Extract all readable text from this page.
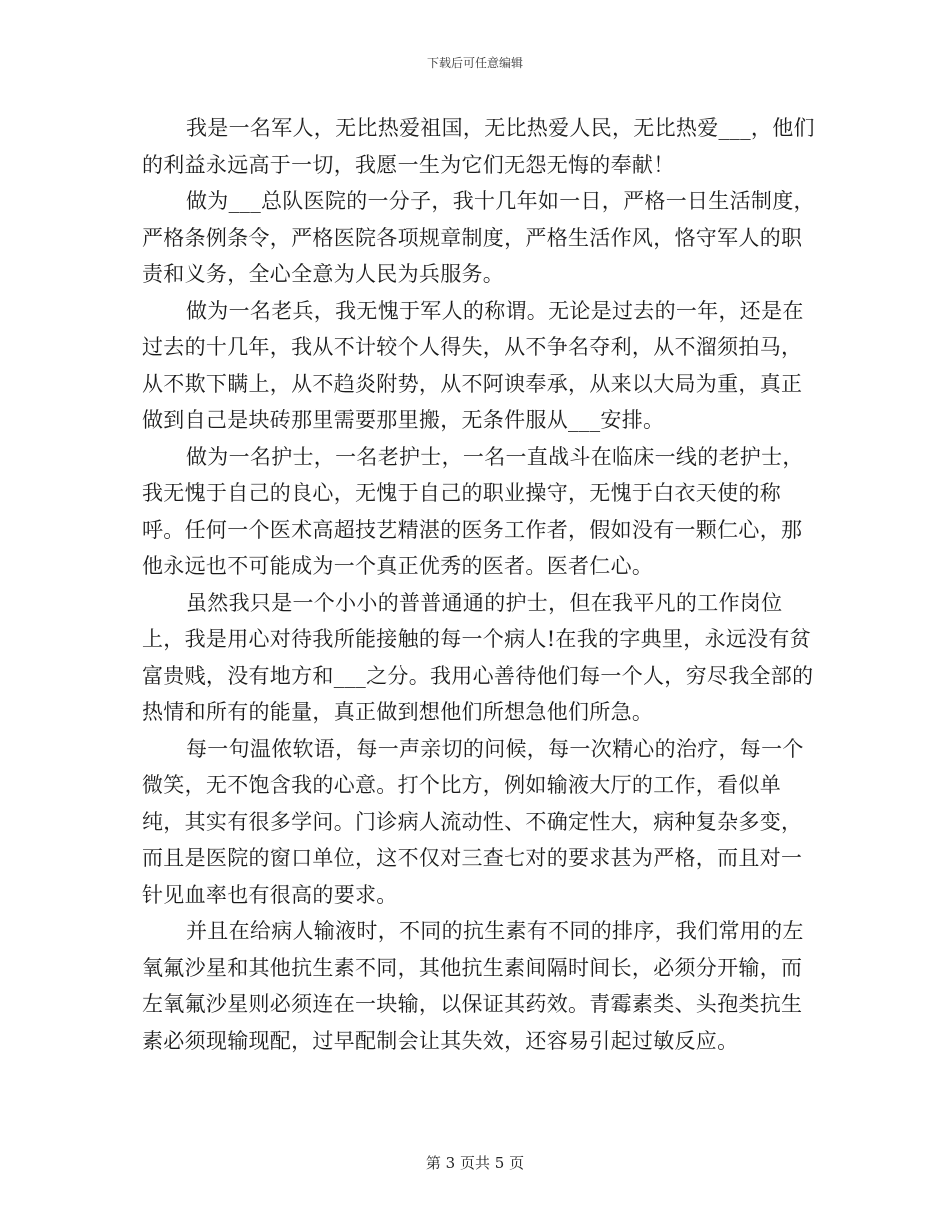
下载后可任意编辑

我是一名军人，无比热爱祖国，无比热爱人民，无比热爱___，他们的利益永远高于一切，我愿一生为它们无怨无悔的奉献！

做为___总队医院的一分子，我十几年如一日，严格一日生活制度，严格条例条令，严格医院各项规章制度，严格生活作风，恪守军人的职责和义务，全心全意为人民为兵服务。

做为一名老兵，我无愧于军人的称谓。无论是过去的一年，还是在过去的十几年，我从不计较个人得失，从不争名夺利，从不溜须拍马，从不欺下瞒上，从不趋炎附势，从不阿谀奉承，从来以大局为重，真正做到自己是块砖那里需要那里搬，无条件服从___安排。

做为一名护士，一名老护士，一名一直战斗在临床一线的老护士，我无愧于自己的良心，无愧于自己的职业操守，无愧于白衣天使的称呼。任何一个医术高超技艺精湛的医务工作者，假如没有一颗仁心，那他永远也不可能成为一个真正优秀的医者。医者仁心。

虽然我只是一个小小的普普通通的护士，但在我平凡的工作岗位上，我是用心对待我所能接触的每一个病人!在我的字典里，永远没有贫富贵贱，没有地方和___之分。我用心善待他们每一个人，穷尽我全部的热情和所有的能量，真正做到想他们所想急他们所急。

每一句温侬软语，每一声亲切的问候，每一次精心的治疗，每一个微笑，无不饱含我的心意。打个比方，例如输液大厅的工作，看似单纯，其实有很多学问。门诊病人流动性、不确定性大，病种复杂多变，而且是医院的窗口单位，这不仅对三查七对的要求甚为严格，而且对一针见血率也有很高的要求。

并且在给病人输液时，不同的抗生素有不同的排序，我们常用的左氧氟沙星和其他抗生素不同，其他抗生素间隔时间长，必须分开输，而左氧氟沙星则必须连在一块输，以保证其药效。青霉素类、头孢类抗生素必须现输现配，过早配制会让其失效，还容易引起过敏反应。

第 3 页共 5 页
